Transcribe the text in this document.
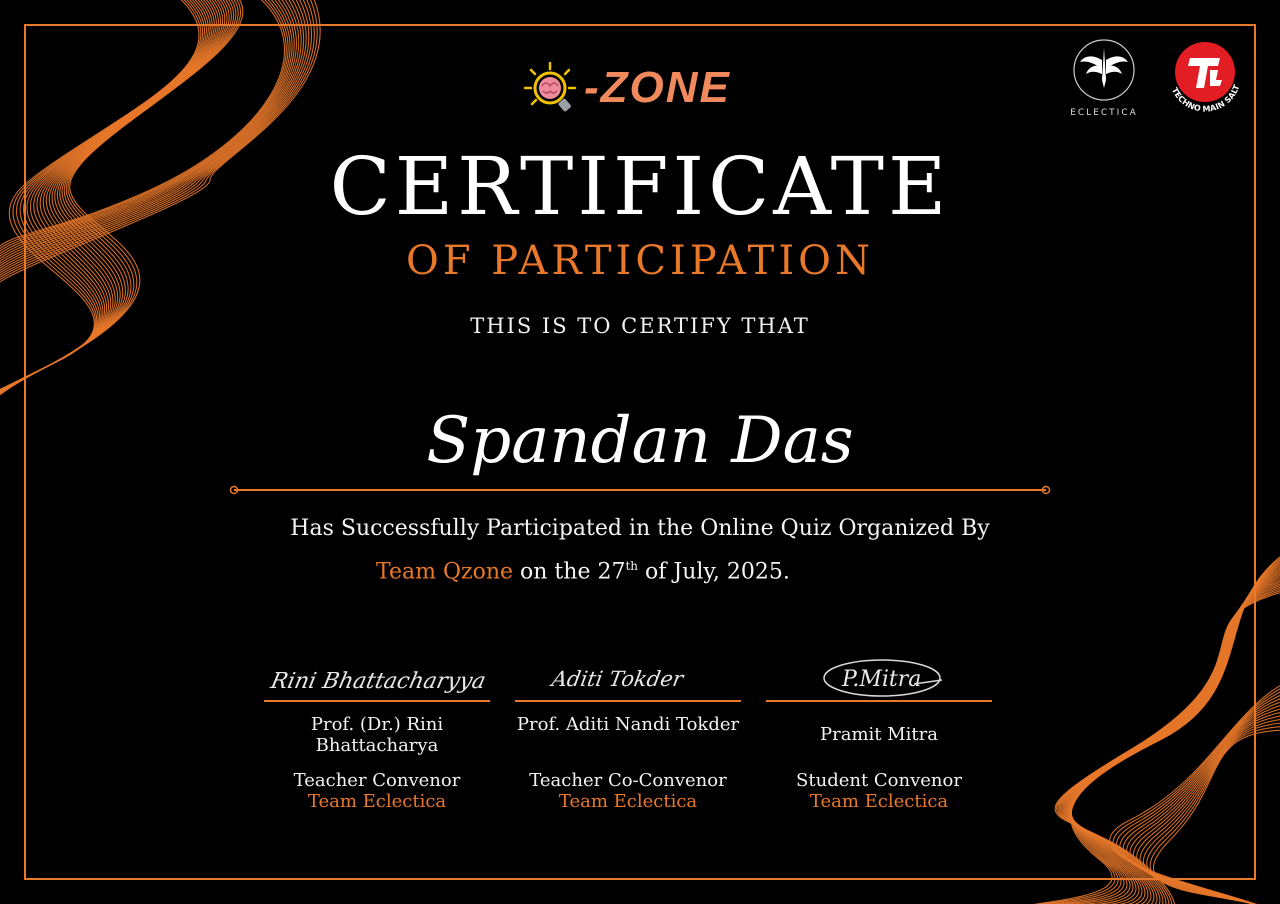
-ZONE
ECLECTICA
TECHNO MAIN SALT
CERTIFICATE
OF PARTICIPATION
THIS IS TO CERTIFY THAT
Spandan Das
Has Successfully Participated in the Online Quiz Organized By
Team Qzone on the 27th of July, 2025.
Rini Bhattacharyya
Prof. (Dr.) Rini Bhattacharya
Teacher Convenor
Team Eclectica
Aditi Tokder
Prof. Aditi Nandi Tokder
Teacher Co-Convenor
Team Eclectica
P.Mitra
Pramit Mitra
Student Convenor
Team Eclectica
